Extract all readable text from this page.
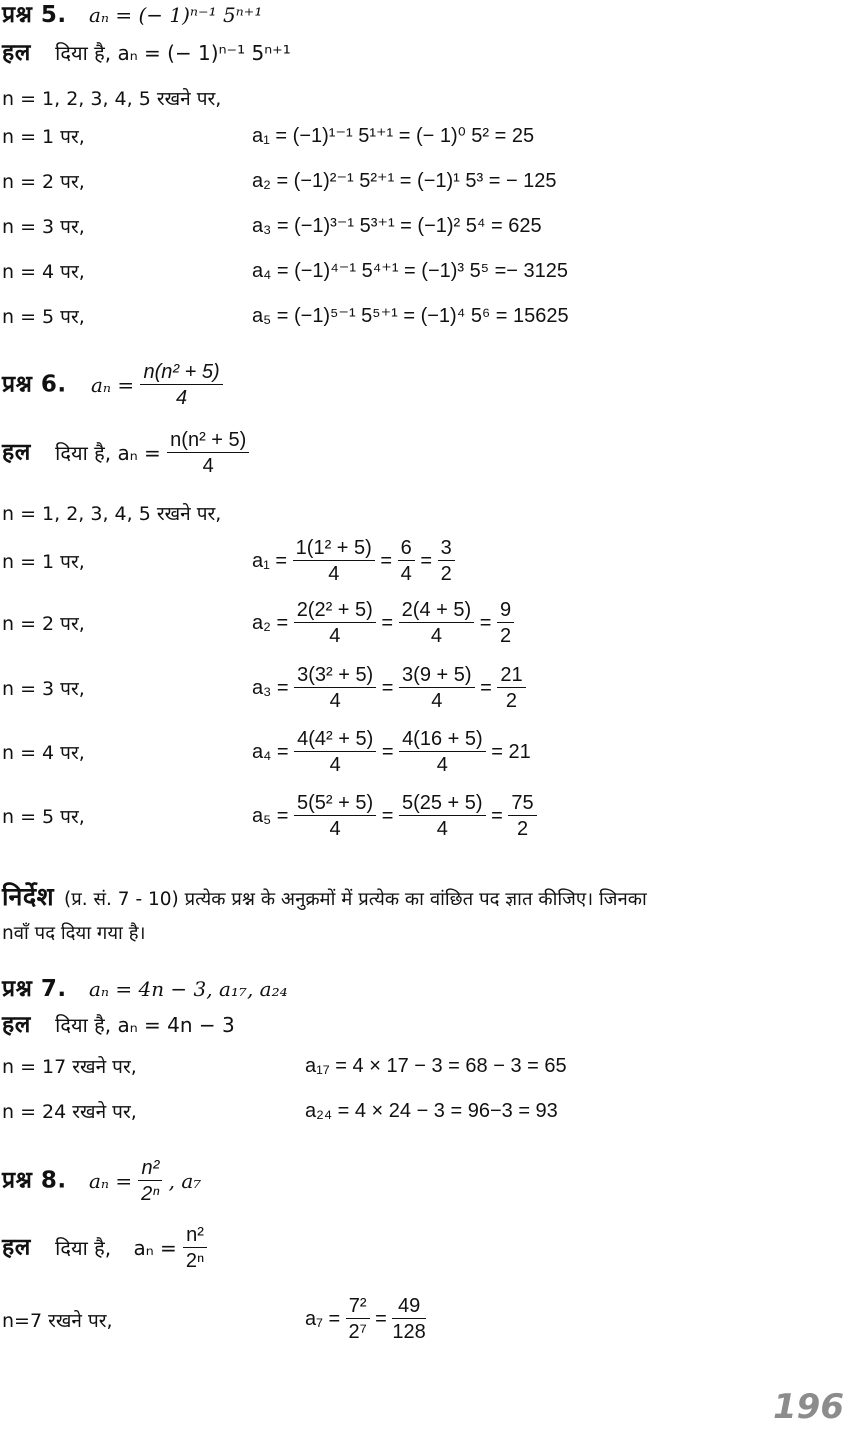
प्रश्न 5. aₙ = (− 1)ⁿ⁻¹ 5ⁿ⁺¹
हल दिया है, aₙ = (− 1)ⁿ⁻¹ 5ⁿ⁺¹
n = 1, 2, 3, 4, 5 रखने पर,
n = 1 पर,	a₁ = (−1)¹⁻¹ 5¹⁺¹ = (− 1)⁰ 5² = 25
n = 2 पर,	a₂ = (−1)²⁻¹ 5²⁺¹ = (−1)¹ 5³ = − 125
n = 3 पर,	a₃ = (−1)³⁻¹ 5³⁺¹ = (−1)² 5⁴ = 625
n = 4 पर,	a₄ = (−1)⁴⁻¹ 5⁴⁺¹ = (−1)³ 5⁵ =− 3125
n = 5 पर,	a₅ = (−1)⁵⁻¹ 5⁵⁺¹ = (−1)⁴ 5⁶ = 15625
प्रश्न 6. $a_n = \frac{\text{n(n² + 5)}}{4}$
हल दिया है, $a_n = \frac{\text{n(n² + 5)}}{4}$
n = 1, 2, 3, 4, 5 रखने पर,
n = 1 पर,	$a_1 = \frac{\text{1(1² + 5)}}{4} = \frac{6}{4} = \frac{3}{2}$
n = 2 पर,	$a_2 = \frac{\text{2(2² + 5)}}{4} = \frac{2(4 + 5)}{4} = \frac{9}{2}$
n = 3 पर,	$a_3 = \frac{\text{3(3² + 5)}}{4} = \frac{3(9 + 5)}{4} = \frac{21}{2}$
n = 4 पर,	$a_4 = \frac{\text{4(4² + 5)}}{4} = \frac{4(16 + 5)}{4} = 21$
n = 5 पर,	$a_5 = \frac{\text{5(5² + 5)}}{4} = \frac{5(25 + 5)}{4} = \frac{75}{2}$
निर्देश (प्र. सं. 7 - 10) प्रत्येक प्रश्न के अनुक्रमों में प्रत्येक का वांछित पद ज्ञात कीजिए। जिनका
nवाँ पद दिया गया है।
प्रश्न 7. aₙ = 4n − 3, a₁₇, a₂₄
हल दिया है, aₙ = 4n − 3
n = 17 रखने पर,	a₁₇ = 4 × 17 − 3 = 68 − 3 = 65
n = 24 रखने पर,	a₂₄ = 4 × 24 − 3 = 96−3 = 93
प्रश्न 8. $a_n = \frac{\text{n²}}{\text{2ⁿ}}$ , a₇
हल दिया है, $a_n = \frac{\text{n²}}{\text{2ⁿ}}$
n=7 रखने पर,	$a_7 = \frac{\text{7²}}{\text{2⁷}} = \frac{49}{128}$
196
